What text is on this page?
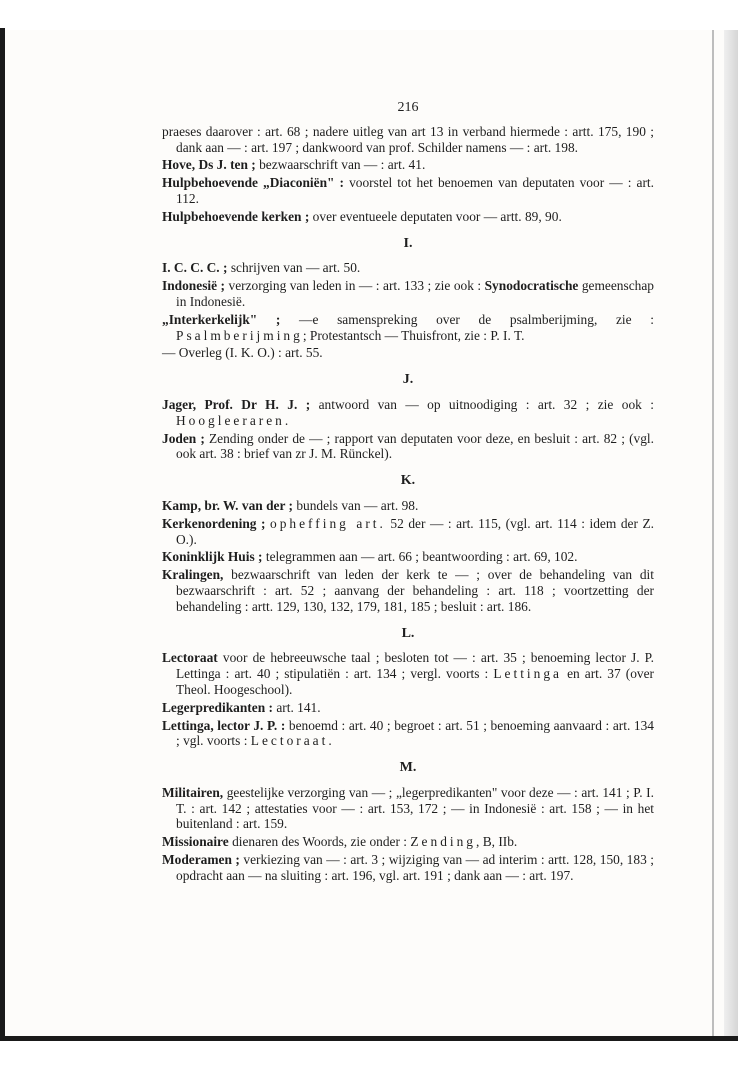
216

praeses daarover : art. 68 ; nadere uitleg van art 13 in verband hiermede : artt. 175, 190 ; dank aan — : art. 197 ; dankwoord van prof. Schilder namens — : art. 198.

Hove, Ds J. ten ; bezwaarschrift van — : art. 41.

Hulpbehoevende „Diaconiën" : voorstel tot het benoemen van deputaten voor — : art. 112.

Hulpbehoevende kerken ; over eventueele deputaten voor — artt. 89, 90.

I.

I. C. C. C. ; schrijven van — art. 50.

Indonesië ; verzorging van leden in — : art. 133 ; zie ook : Synodocratische gemeenschap in Indonesië.

„Interkerkelijk" ; —e samenspreking over de psalmberijming, zie : Psalmberijming; Protestantsch — Thuisfront, zie : P. I. T.

— Overleg (I. K. O.) : art. 55.

J.

Jager, Prof. Dr H. J. ; antwoord van — op uitnoodiging : art. 32 ; zie ook : Hoogleeraren.

Joden ; Zending onder de — ; rapport van deputaten voor deze, en besluit : art. 82 ; (vgl. ook art. 38 : brief van zr J. M. Rünckel).

K.

Kamp, br. W. van der ; bundels van — art. 98.

Kerkenordening ; opheffing art. 52 der — : art. 115, (vgl. art. 114 : idem der Z. O.).

Koninklijk Huis ; telegrammen aan — art. 66 ; beantwoording : art. 69, 102.

Kralingen, bezwaarschrift van leden der kerk te — ; over de behandeling van dit bezwaarschrift : art. 52 ; aanvang der behandeling : art. 118 ; voortzetting der behandeling : artt. 129, 130, 132, 179, 181, 185 ; besluit : art. 186.

L.

Lectoraat voor de hebreeuwsche taal ; besloten tot — : art. 35 ; benoeming lector J. P. Lettinga : art. 40 ; stipulatiën : art. 134 ; vergl. voorts : Lettinga en art. 37 (over Theol. Hoogeschool).

Legerpredikanten : art. 141.

Lettinga, lector J. P. : benoemd : art. 40 ; begroet : art. 51 ; benoeming aanvaard : art. 134 ; vgl. voorts : Lectoraat.

M.

Militairen, geestelijke verzorging van — ; „legerpredikanten" voor deze — : art. 141 ; P. I. T. : art. 142 ; attestaties voor — : art. 153, 172 ; — in Indonesië : art. 158 ; — in het buitenland : art. 159.

Missionaire dienaren des Woords, zie onder : Zending, B, IIb.

Moderamen ; verkiezing van — : art. 3 ; wijziging van — ad interim : artt. 128, 150, 183 ; opdracht aan — na sluiting : art. 196, vgl. art. 191 ; dank aan — : art. 197.
